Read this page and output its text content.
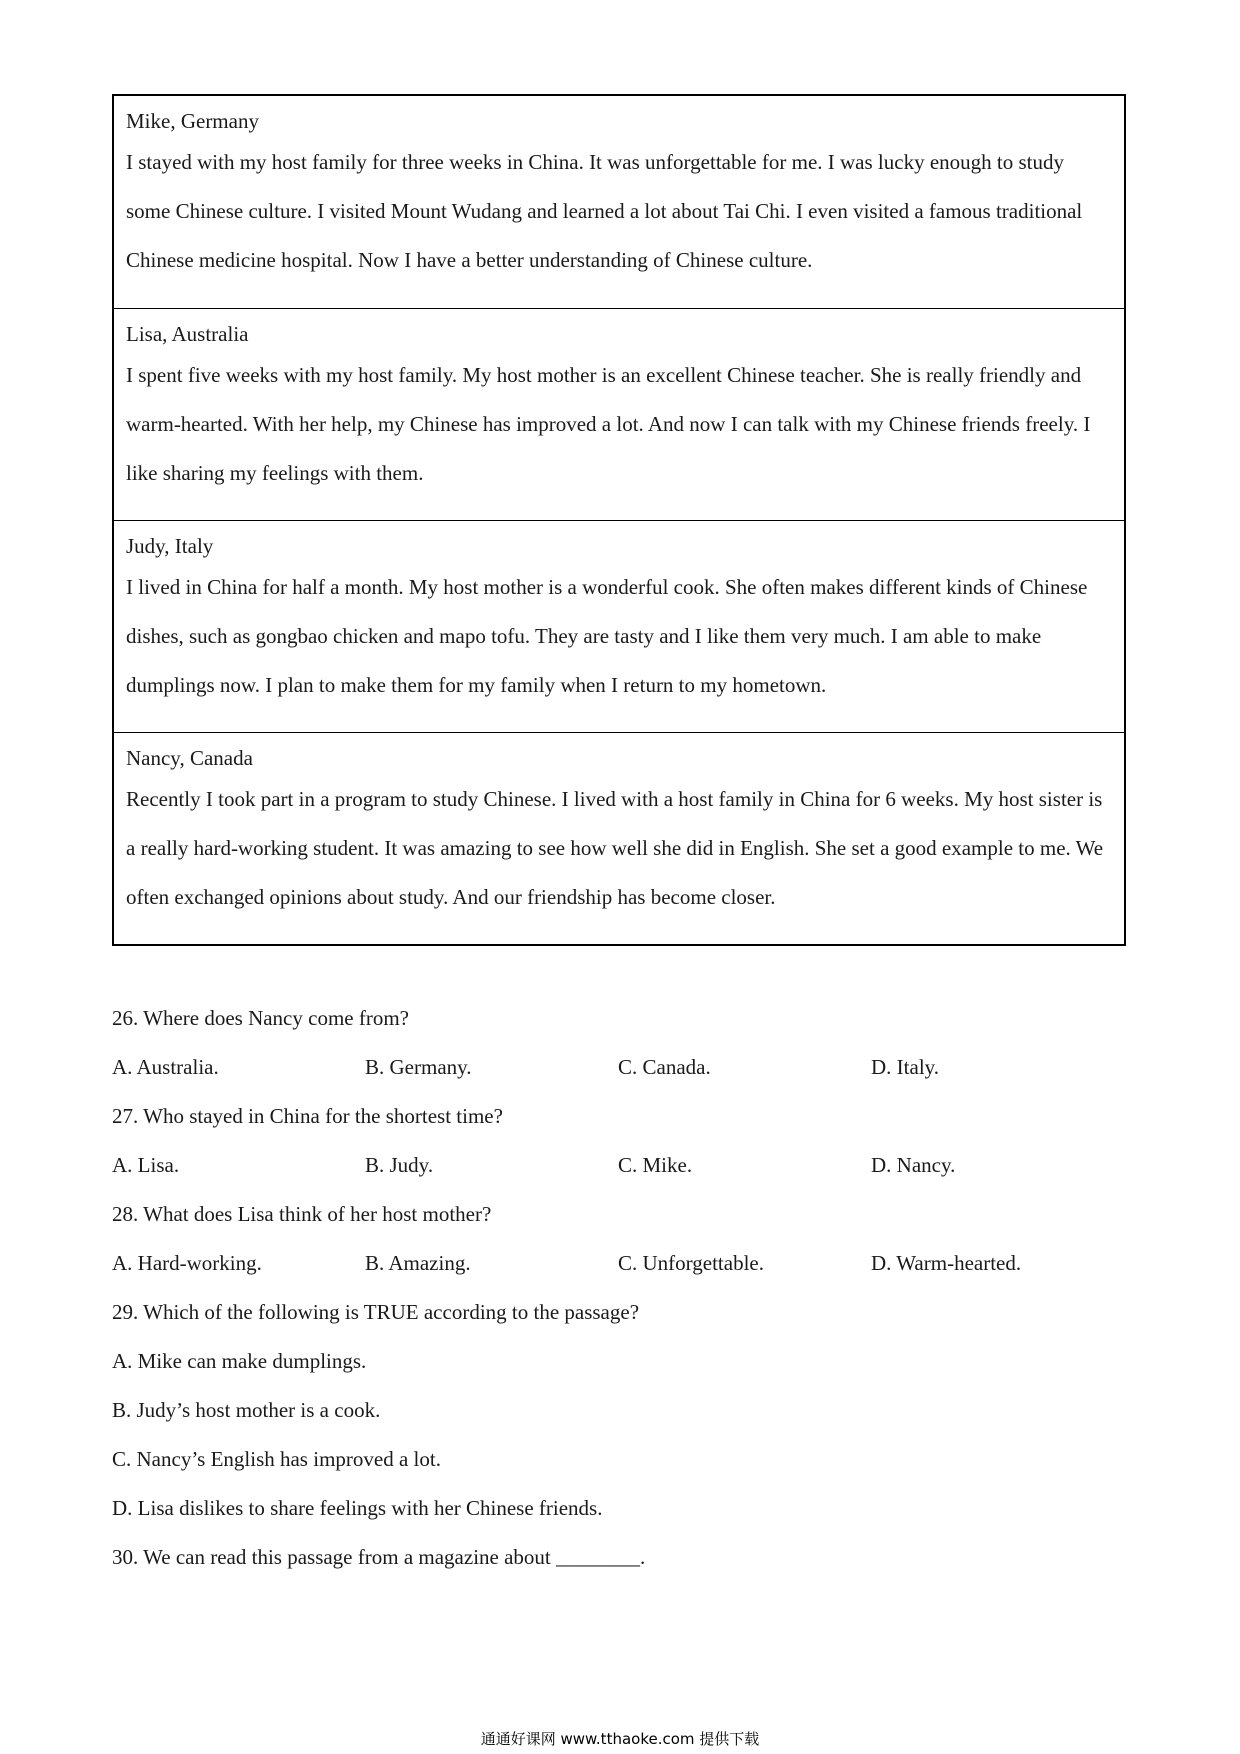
Mike, Germany
I stayed with my host family for three weeks in China. It was unforgettable for me. I was lucky enough to study some Chinese culture. I visited Mount Wudang and learned a lot about Tai Chi. I even visited a famous traditional Chinese medicine hospital. Now I have a better understanding of Chinese culture.
Lisa, Australia
I spent five weeks with my host family. My host mother is an excellent Chinese teacher. She is really friendly and warm-hearted. With her help, my Chinese has improved a lot. And now I can talk with my Chinese friends freely. I like sharing my feelings with them.
Judy, Italy
I lived in China for half a month. My host mother is a wonderful cook. She often makes different kinds of Chinese dishes, such as gongbao chicken and mapo tofu. They are tasty and I like them very much. I am able to make dumplings now. I plan to make them for my family when I return to my hometown.
Nancy, Canada
Recently I took part in a program to study Chinese. I lived with a host family in China for 6 weeks. My host sister is a really hard-working student. It was amazing to see how well she did in English. She set a good example to me. We often exchanged opinions about study. And our friendship has become closer.
26. Where does Nancy come from?
A. Australia.	B. Germany.	C. Canada.	D. Italy.
27. Who stayed in China for the shortest time?
A. Lisa.	B. Judy.	C. Mike.	D. Nancy.
28. What does Lisa think of her host mother?
A. Hard-working.	B. Amazing.	C. Unforgettable.	D. Warm-hearted.
29. Which of the following is TRUE according to the passage?
A. Mike can make dumplings.
B. Judy’s host mother is a cook.
C. Nancy’s English has improved a lot.
D. Lisa dislikes to share feelings with her Chinese friends.
30. We can read this passage from a magazine about ________.
通通好课网 www.tthaoke.com 提供下载
